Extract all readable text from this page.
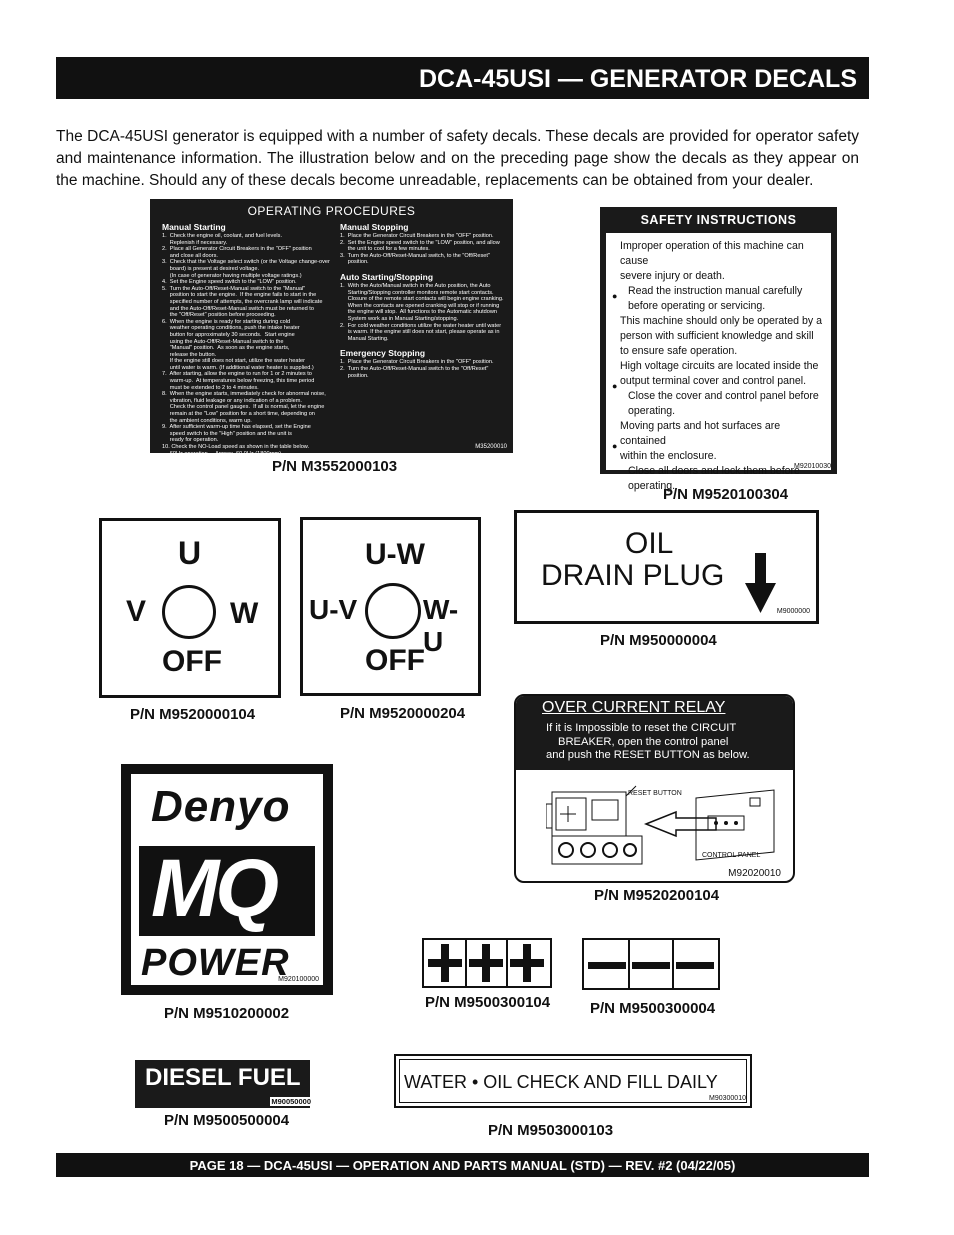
DCA-45USI — GENERATOR DECALS
The DCA-45USI generator is equipped with a number of safety decals. These decals are provided for operator safety and maintenance information. The illustration below and on the preceding page show the decals as they appear on the machine. Should any of these decals become unreadable, replacements can be obtained from your dealer.
OPERATING PROCEDURES
Manual Starting

1.  Check the engine oil, coolant, and fuel levels.

Replenish if necessary.

2.  Place all Generator Circuit Breakers in the "OFF" position

and close all doors.

3.  Check that the Voltage select switch (or the Voltage change-over

board) is present at desired voltage.

(In case of generator having multiple voltage ratings.)

4.  Set the Engine speed switch to the "LOW" position.

5.  Turn the Auto-Off/Reset-Manual switch to the "Manual"

position to start the engine.  If the engine fails to start in the

specified number of attempts, the overcrank lamp will indicate

and the Auto-Off/Reset-Manual switch must be returned to

the "Off/Reset" position before proceeding.

6.  When the engine is ready for starting during cold

weather operating conditions, push the intake heater

button for approximately 30 seconds.  Start engine

using the Auto-Off/Reset-Manual switch to the

"Manual" position.  As soon as the engine starts,

release the button.

If the engine still does not start, utilize the water heater

until water is warm. (If additional water heater is supplied.)

7.  After starting, allow the engine to run for 1 or 2 minutes to

warm-up.  At temperatures below freezing, this time period

must be extended to 2 to 4 minutes.

8.  When the engine starts, immediately check for abnormal noise,

vibration, fluid leakage or any indication of a problem.

Check the control panel gauges.  If all is normal, let the engine

remain at the "Low" position for a short time, depending on

the ambient conditions, warm up.

9.  After sufficient warm-up time has elapsed, set the Engine

speed switch to the "High" position and the unit is

ready for operation.

10. Check the NO-Load speed as shown in the table below.

60Hz operation----Approx. 60.0Hz (1800rpm)

11. Adjust the Voltage Regulator to the specified voltage.

Manual Stopping

1.  Place the Generator Circuit Breakers in the "OFF" position.

2.  Set the Engine speed switch to the "LOW" position, and allow

the unit to cool for a few minutes.

3.  Turn the Auto-Off/Reset-Manual switch, to the "Off/Reset"

position.

Auto Starting/Stopping

1.  With the Auto/Manual switch in the Auto position, the Auto

Starting/Stopping controller monitors remote start contacts.

Closure of the remote start contacts will begin engine cranking.

When the contacts are opened cranking will stop or if running

the engine will stop.  All functions to the Automatic shutdown

System work as in Manual Starting/stopping.

2.  For cold weather conditions utilize the water heater until water

is warm. If the engine still does not start, please operate as in

Manual Starting.

Emergency Stopping

1.  Place the Generator Circuit Breakers in the "OFF" position.

2.  Turn the Auto-Off/Reset-Manual switch to the "Off/Reset"

position.

M35200010
P/N M3552000103
SAFETY INSTRUCTIONS

Improper operation of this machine can cause

severe injury or death.

Read the instruction manual carefully

before operating or servicing.

This machine should only be operated by a

person with sufficient knowledge and skill

to ensure safe operation.

High voltage circuits are located inside the

output terminal cover and control panel.

Close the cover and control panel before

operating.

Moving parts and hot surfaces are contained

within the enclosure.

Close all doors and lock them before

operating.

●
●
●
M92010030
P/N M9520100304
U
V	W
OFF
P/N M9520000104
U-W
U-V W-U
OFF
P/N M9520000204
OIL
DRAIN PLUG
M9000000
P/N M950000004
OVER CURRENT RELAY
If it is Impossible to reset the CIRCUIT
BREAKER, open the control panel
and push the RESET BUTTON as below.
RESET BUTTON
CONTROL PANEL
M92020010
P/N M9520200104
Denyo
MQ
POWER
M920100000
P/N M9510200002
P/N M9500300104	P/N M9500300004
DIESEL FUEL
M90050000
P/N M9500500004
WATER • OIL CHECK AND FILL DAILY
M90300010
P/N M9503000103
PAGE 18 — DCA-45USI — OPERATION AND PARTS MANUAL (STD) — REV. #2 (04/22/05)
